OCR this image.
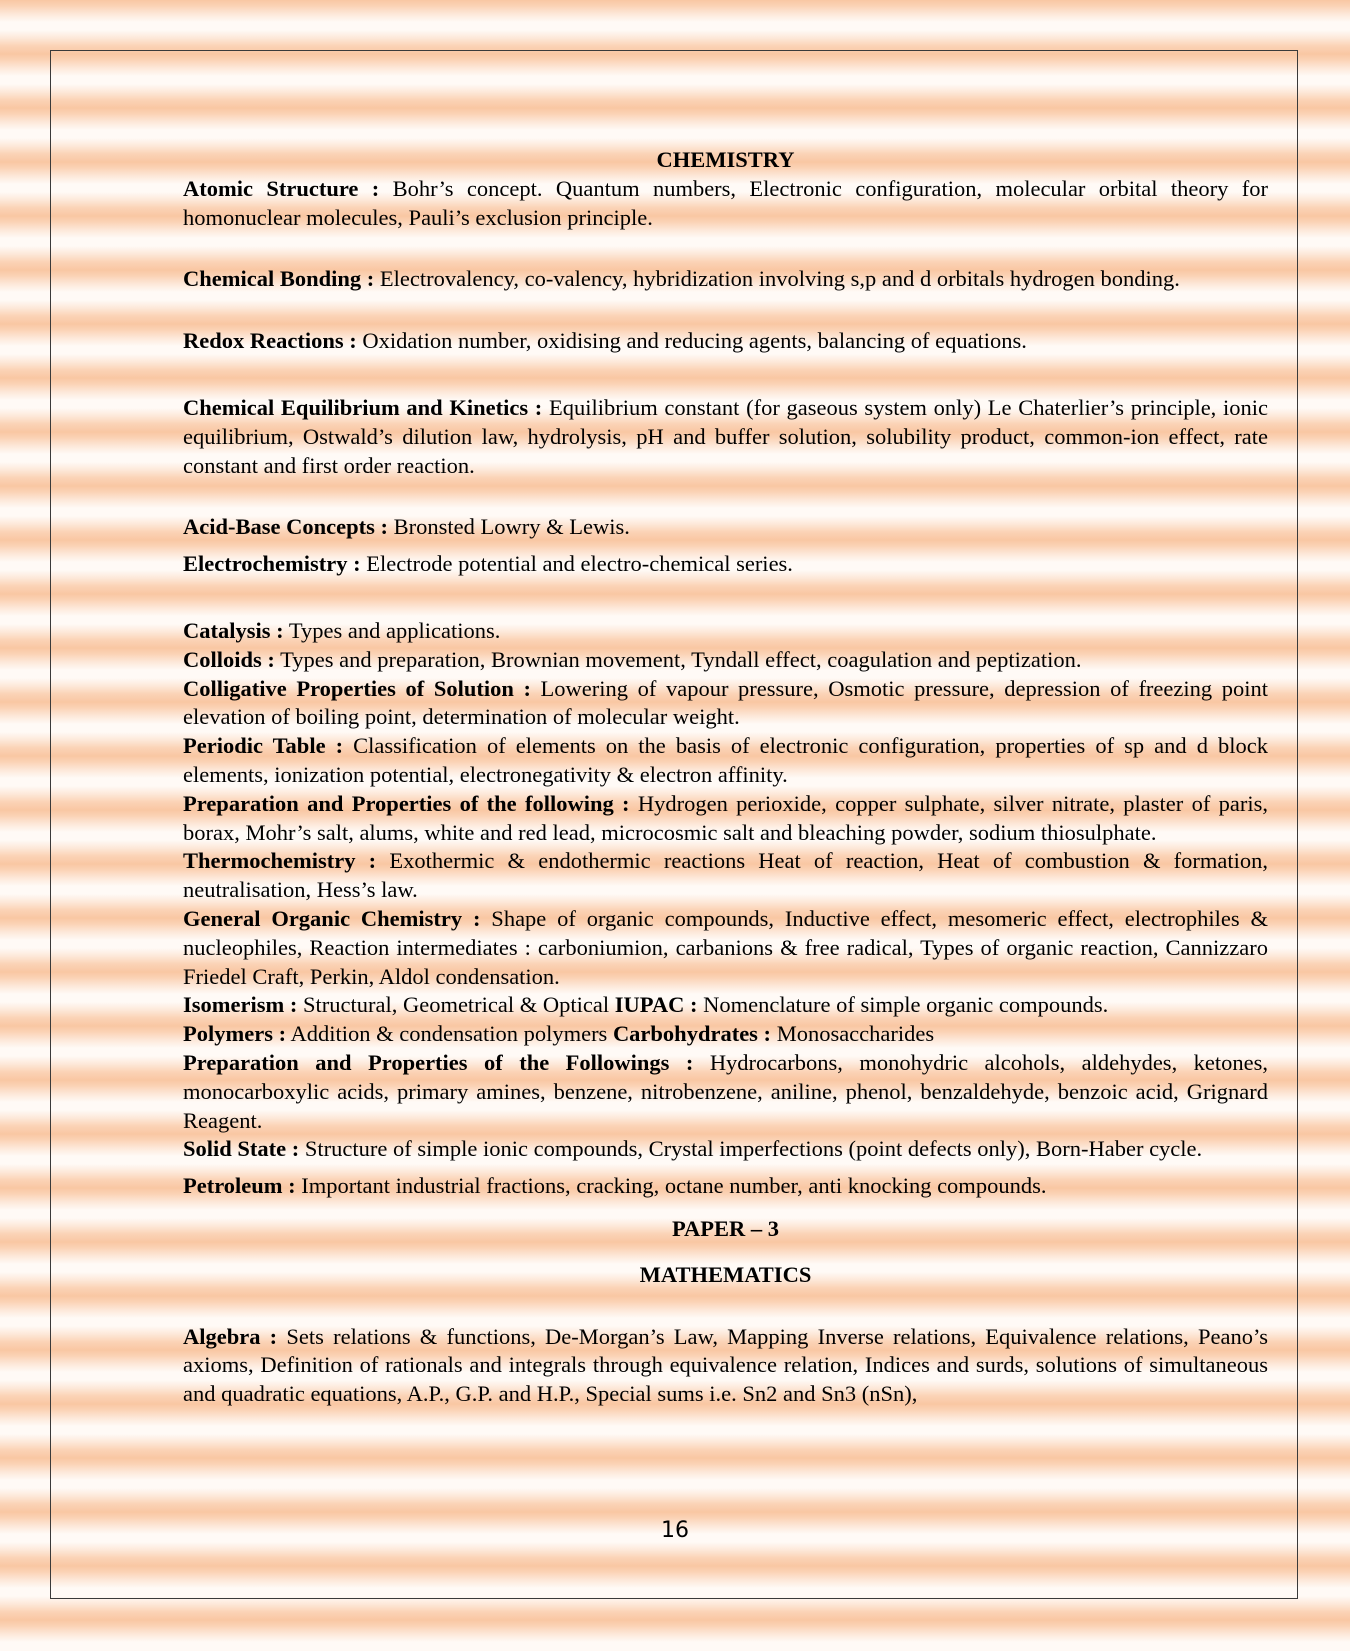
CHEMISTRY

Atomic Structure : Bohr’s concept. Quantum numbers, Electronic configuration, molecular orbital theory for homonuclear molecules, Pauli’s exclusion principle.

Chemical Bonding : Electrovalency, co-valency, hybridization involving s,p and d orbitals hydrogen bonding.

Redox Reactions : Oxidation number, oxidising and reducing agents, balancing of equations.

Chemical Equilibrium and Kinetics : Equilibrium constant (for gaseous system only) Le Chaterlier’s principle, ionic equilibrium, Ostwald’s dilution law, hydrolysis, pH and buffer solution, solubility product, common-ion effect, rate constant and first order reaction.

Acid-Base Concepts : Bronsted Lowry & Lewis.

Electrochemistry : Electrode potential and electro-chemical series.

Catalysis : Types and applications.

Colloids : Types and preparation, Brownian movement, Tyndall effect, coagulation and peptization.

Colligative Properties of Solution : Lowering of vapour pressure, Osmotic pressure, depression of freezing point elevation of boiling point, determination of molecular weight.

Periodic Table : Classification of elements on the basis of electronic configuration, properties of sp and d block elements, ionization potential, electronegativity & electron affinity.

Preparation and Properties of the following : Hydrogen perioxide, copper sulphate, silver nitrate, plaster of paris, borax, Mohr’s salt, alums, white and red lead, microcosmic salt and bleaching powder, sodium thiosulphate.

Thermochemistry : Exothermic & endothermic reactions Heat of reaction, Heat of combustion & formation, neutralisation, Hess’s law.

General Organic Chemistry : Shape of organic compounds, Inductive effect, mesomeric effect, electrophiles & nucleophiles, Reaction intermediates : carboniumion, carbanions & free radical, Types of organic reaction, Cannizzaro Friedel Craft, Perkin, Aldol condensation.

Isomerism : Structural, Geometrical & Optical IUPAC : Nomenclature of simple organic compounds.

Polymers : Addition & condensation polymers Carbohydrates : Monosaccharides

Preparation and Properties of the Followings : Hydrocarbons, monohydric alcohols, aldehydes, ketones, monocarboxylic acids, primary amines, benzene, nitrobenzene, aniline, phenol, benzaldehyde, benzoic acid, Grignard Reagent.

Solid State : Structure of simple ionic compounds, Crystal imperfections (point defects only), Born-Haber cycle.

Petroleum : Important industrial fractions, cracking, octane number, anti knocking compounds.

PAPER – 3

MATHEMATICS

Algebra : Sets relations & functions, De-Morgan’s Law, Mapping Inverse relations, Equivalence relations, Peano’s axioms, Definition of rationals and integrals through equivalence relation, Indices and surds, solutions of simultaneous and quadratic equations, A.P., G.P. and H.P., Special sums i.e. Sn2 and Sn3 (nSn),

16
